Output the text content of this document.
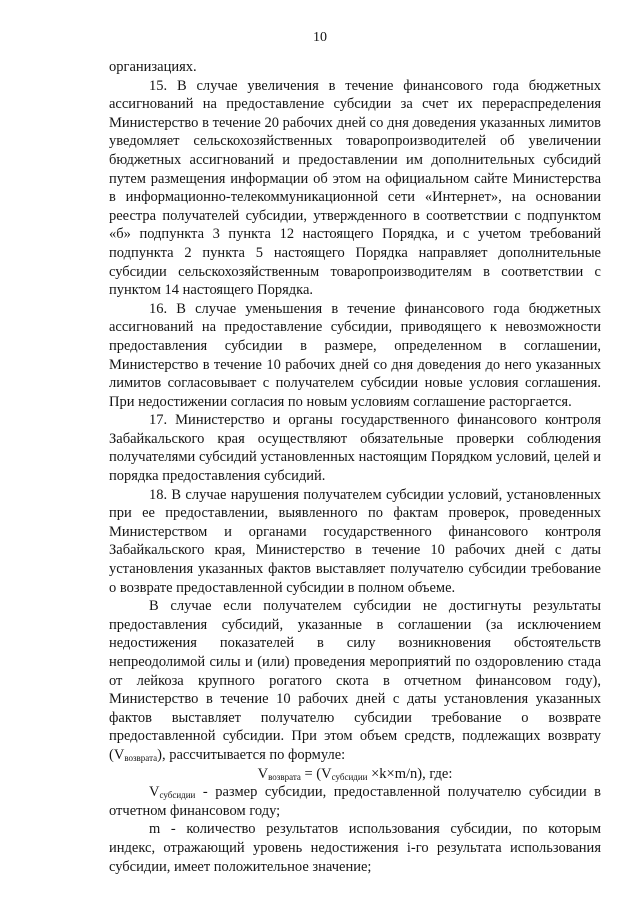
10

организациях.

15. В случае увеличения в течение финансового года бюджетных ассигнований на предоставление субсидии за счет их перераспределения Министерство в течение 20 рабочих дней со дня доведения указанных лимитов уведомляет сельскохозяйственных товаропроизводителей об увеличении бюджетных ассигнований и предоставлении им дополнительных субсидий путем размещения информации об этом на официальном сайте Министерства в информационно-телекоммуникационной сети «Интернет», на основании реестра получателей субсидии, утвержденного в соответствии с подпунктом «б» подпункта 3 пункта 12 настоящего Порядка, и с учетом требований подпункта 2 пункта 5 настоящего Порядка направляет дополнительные субсидии сельскохозяйственным товаропроизводителям в соответствии с пунктом 14 настоящего Порядка.

16. В случае уменьшения в течение финансового года бюджетных ассигнований на предоставление субсидии, приводящего к невозможности предоставления субсидии в размере, определенном в соглашении, Министерство в течение 10 рабочих дней со дня доведения до него указанных лимитов согласовывает с получателем субсидии новые условия соглашения. При недостижении согласия по новым условиям соглашение расторгается.

17. Министерство и органы государственного финансового контроля Забайкальского края осуществляют обязательные проверки соблюдения получателями субсидий установленных настоящим Порядком условий, целей и порядка предоставления субсидий.

18. В случае нарушения получателем субсидии условий, установленных при ее предоставлении, выявленного по фактам проверок, проведенных Министерством и органами государственного финансового контроля Забайкальского края, Министерство в течение 10 рабочих дней с даты установления указанных фактов выставляет получателю субсидии требование о возврате предоставленной субсидии в полном объеме.

В случае если получателем субсидии не достигнуты результаты предоставления субсидий, указанные в соглашении (за исключением недостижения показателей в силу возникновения обстоятельств непреодолимой силы и (или) проведения мероприятий по оздоровлению стада от лейкоза крупного рогатого скота в отчетном финансовом году), Министерство в течение 10 рабочих дней с даты установления указанных фактов выставляет получателю субсидии требование о возврате предоставленной субсидии. При этом объем средств, подлежащих возврату $(V_{возврата})$, рассчитывается по формуле:

$V_{возврата} = (V_{субсидии} \times k\times m/n)$, где:

$V_{субсидии}$ - размер субсидии, предоставленной получателю субсидии в отчетном финансовом году;

m - количество результатов использования субсидии, по которым индекс, отражающий уровень недостижения i-го результата использования субсидии, имеет положительное значение;
